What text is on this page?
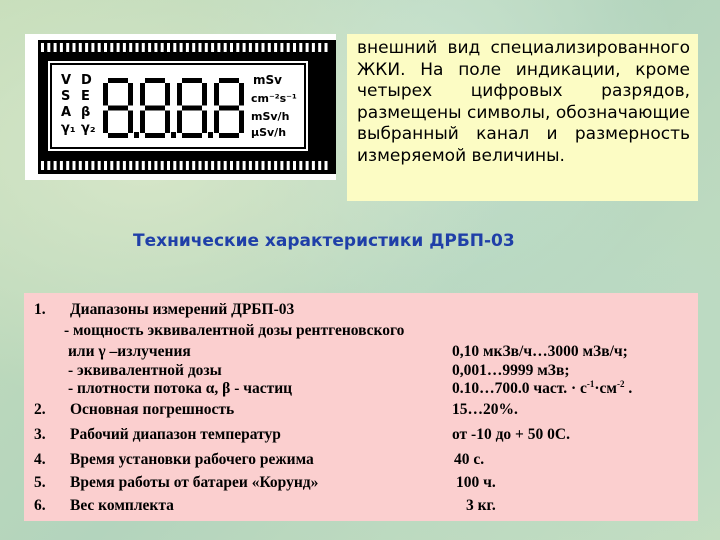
V
S
A
γ₁
D
E
β
γ₂
mSv
cm⁻²s⁻¹
mSv/h
μSv/h
внешний вид специализированного ЖКИ. На поле индикации, кроме четырех цифровых разрядов, размещены символы, обозначающие выбранный канал и размерность измеряемой величины.
Технические характеристики ДРБП-03
1. Диапазоны измерений ДРБП-03
- мощность эквивалентной дозы рентгеновского
или γ –излучения	0,10 мкЗв/ч…3000 мЗв/ч;
- эквивалентной дозы	0,001…9999 мЗв;
- плотности потока α, β - частиц	0.10…700.0 част. · $с^{-1}\cdot см^{-2}$ .
2. Основная погрешность	15…20%.
3. Рабочий диапазон температур	от -10 до + 50 0С.
4. Время установки рабочего режима	40 с.
5. Время работы от батареи «Корунд»	100 ч.
6. Вес комплекта	3 кг.
